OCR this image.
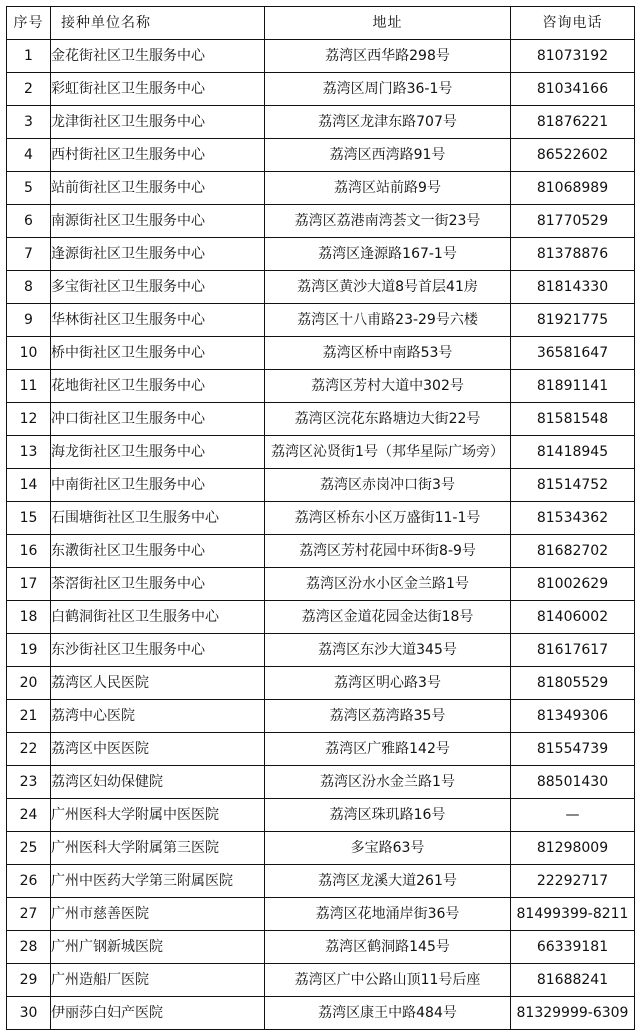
序号	接种单位名称	地址	咨询电话
1	金花街社区卫生服务中心	荔湾区西华路298号	81073192
2	彩虹街社区卫生服务中心	荔湾区周门路36-1号	81034166
3	龙津街社区卫生服务中心	荔湾区龙津东路707号	81876221
4	西村街社区卫生服务中心	荔湾区西湾路91号	86522602
5	站前街社区卫生服务中心	荔湾区站前路9号	81068989
6	南源街社区卫生服务中心	荔湾区荔港南湾荟文一街23号	81770529
7	逢源街社区卫生服务中心	荔湾区逢源路167-1号	81378876
8	多宝街社区卫生服务中心	荔湾区黄沙大道8号首层41房	81814330
9	华林街社区卫生服务中心	荔湾区十八甫路23-29号六楼	81921775
10	桥中街社区卫生服务中心	荔湾区桥中南路53号	36581647
11	花地街社区卫生服务中心	荔湾区芳村大道中302号	81891141
12	冲口街社区卫生服务中心	荔湾区浣花东路塘边大街22号	81581548
13	海龙街社区卫生服务中心	荔湾区沁贤街1号（邦华星际广场旁）	81418945
14	中南街社区卫生服务中心	荔湾区赤岗冲口街3号	81514752
15	石围塘街社区卫生服务中心	荔湾区桥东小区万盛街11-1号	81534362
16	东漖街社区卫生服务中心	荔湾区芳村花园中环街8-9号	81682702
17	茶滘街社区卫生服务中心	荔湾区汾水小区金兰路1号	81002629
18	白鹤洞街社区卫生服务中心	荔湾区金道花园金达街18号	81406002
19	东沙街社区卫生服务中心	荔湾区东沙大道345号	81617617
20	荔湾区人民医院	荔湾区明心路3号	81805529
21	荔湾中心医院	荔湾区荔湾路35号	81349306
22	荔湾区中医医院	荔湾区广雅路142号	81554739
23	荔湾区妇幼保健院	荔湾区汾水金兰路1号	88501430
24	广州医科大学附属中医医院	荔湾区珠玑路16号	—
25	广州医科大学附属第三医院	多宝路63号	81298009
26	广州中医药大学第三附属医院	荔湾区龙溪大道261号	22292717
27	广州市慈善医院	荔湾区花地涌岸街36号	81499399-8211
28	广州广钢新城医院	荔湾区鹤洞路145号	66339181
29	广州造船厂医院	荔湾区广中公路山顶11号后座	81688241
30	伊丽莎白妇产医院	荔湾区康王中路484号	81329999-6309
